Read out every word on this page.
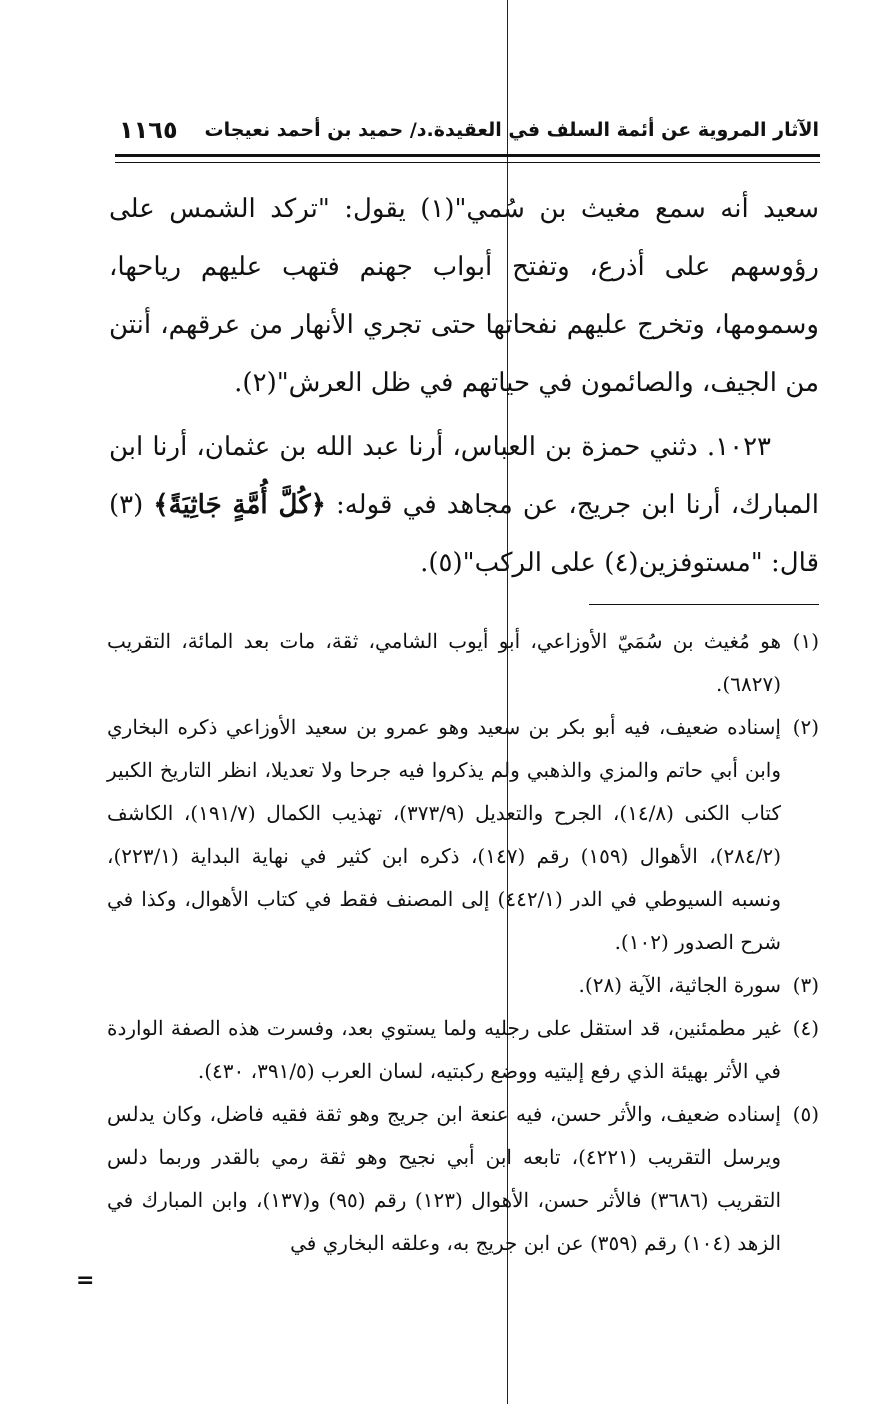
الآثار المروية عن أئمة السلف في العقيدة.د/ حميد بن أحمد نعيجات
١١٦٥

سعيد أنه سمع مغيث بن سُمي"(١) يقول: "تركد الشمس على رؤوسهم على أذرع، وتفتح أبواب جهنم فتهب عليهم رياحها، وسمومها، وتخرج عليهم نفحاتها حتى تجري الأنهار من عرقهم، أنتن من الجيف، والصائمون في حياتهم في ظل العرش"(٢).

١٠٢٣. دثني حمزة بن العباس، أرنا عبد الله بن عثمان، أرنا ابن المبارك، أرنا ابن جريج، عن مجاهد في قوله: ﴿كُلَّ أُمَّةٍ جَاثِيَةً﴾ (٣) قال: "مستوفزين(٤) على الركب"(٥).

(١)
هو مُغيث بن سُمَيّ الأوزاعي، أبو أيوب الشامي، ثقة، مات بعد المائة، التقريب (٦٨٢٧).

(٢)
إسناده ضعيف، فيه أبو بكر بن سعيد وهو عمرو بن سعيد الأوزاعي ذكره البخاري وابن أبي حاتم والمزي والذهبي ولم يذكروا فيه جرحا ولا تعديلا، انظر التاريخ الكبير كتاب الكنى (١٤/٨)، الجرح والتعديل (٣٧٣/٩)، تهذيب الكمال (١٩١/٧)، الكاشف (٢٨٤/٢)، الأهوال (١٥٩) رقم (١٤٧)، ذكره ابن كثير في نهاية البداية (٢٢٣/١)، ونسبه السيوطي في الدر (٤٤٢/١) إلى المصنف فقط في كتاب الأهوال، وكذا في شرح الصدور (١٠٢).

(٣)
سورة الجاثية، الآية (٢٨).

(٤)
غير مطمئنين، قد استقل على رجليه ولما يستوي بعد، وفسرت هذه الصفة الواردة في الأثر بهيئة الذي رفع إليتيه ووضع ركبتيه، لسان العرب (٣٩١/٥، ٤٣٠).

(٥)
إسناده ضعيف، والأثر حسن، فيه عنعة ابن جريج وهو ثقة فقيه فاضل، وكان يدلس ويرسل التقريب (٤٢٢١)، تابعه ابن أبي نجيح وهو ثقة رمي بالقدر وربما دلس التقريب (٣٦٨٦) فالأثر حسن، الأهوال (١٢٣) رقم (٩٥) و(١٣٧)، وابن المبارك في الزهد (١٠٤) رقم (٣٥٩) عن ابن جريج به، وعلقه البخاري في

=
